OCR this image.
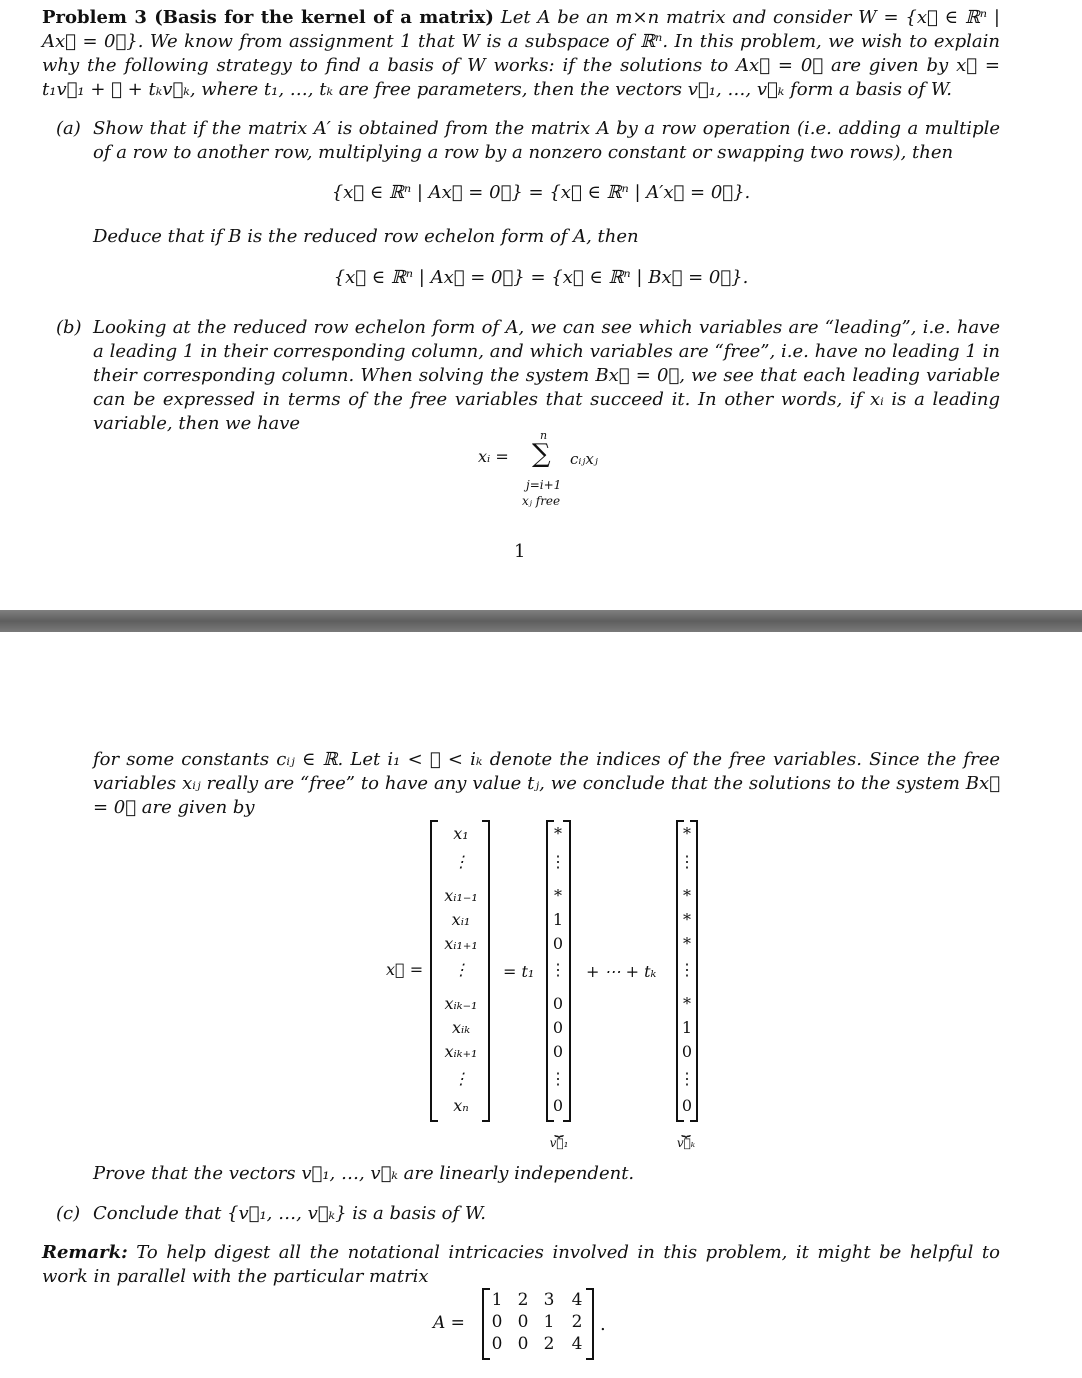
Problem 3 (Basis for the kernel of a matrix) Let A be an m×n matrix and consider W = {x⃗ ∈ ℝⁿ | Ax⃗ = 0⃗}. We know from assignment 1 that W is a subspace of ℝⁿ. In this problem, we wish to explain why the following strategy to find a basis of W works: if the solutions to Ax⃗ = 0⃗ are given by x⃗ = t₁v⃗₁ + ⋯ + tₖv⃗ₖ, where t₁, …, tₖ are free parameters, then the vectors v⃗₁, …, v⃗ₖ form a basis of W.

(a) Show that if the matrix A′ is obtained from the matrix A by a row operation (i.e. adding a multiple of a row to another row, multiplying a row by a nonzero constant or swapping two rows), then
{x⃗ ∈ ℝⁿ | Ax⃗ = 0⃗} = {x⃗ ∈ ℝⁿ | A′x⃗ = 0⃗}.
Deduce that if B is the reduced row echelon form of A, then
{x⃗ ∈ ℝⁿ | Ax⃗ = 0⃗} = {x⃗ ∈ ℝⁿ | Bx⃗ = 0⃗}.
(b) Looking at the reduced row echelon form of A, we can see which variables are “leading”, i.e. have a leading 1 in their corresponding column, and which variables are “free”, i.e. have no leading 1 in their corresponding column. When solving the system Bx⃗ = 0⃗, we see that each leading variable can be expressed in terms of the free variables that succeed it. In other words, if xᵢ is a leading variable, then we have
xᵢ =
n
∑ cᵢⱼxⱼ
j=i+1
xⱼ free
1
for some constants cᵢⱼ ∈ ℝ. Let i₁ < ⋯ < iₖ denote the indices of the free variables. Since the free variables xᵢⱼ really are “free” to have any value tⱼ, we conclude that the solutions to the system Bx⃗ = 0⃗ are given by
x⃗ =
x₁
⋮
xᵢ₁₋₁
xᵢ₁
xᵢ₁₊₁
⋮
xᵢₖ₋₁
xᵢₖ
xᵢₖ₊₁
⋮
xₙ
= t₁
*
⋮
*
1
0
⋮
0
0
0
⋮
0
⏟
v⃗₁
+ ⋯ + tₖ
*
⋮
*
*
*
⋮
*
1
0
⋮
0
⏟
v⃗ₖ
Prove that the vectors v⃗₁, …, v⃗ₖ are linearly independent.
(c) Conclude that {v⃗₁, …, v⃗ₖ} is a basis of W.

Remark: To help digest all the notational intricacies involved in this problem, it might be helpful to work in parallel with the particular matrix

A =
1 2 3	4
0 0 1	2
0 0 2	4
.
